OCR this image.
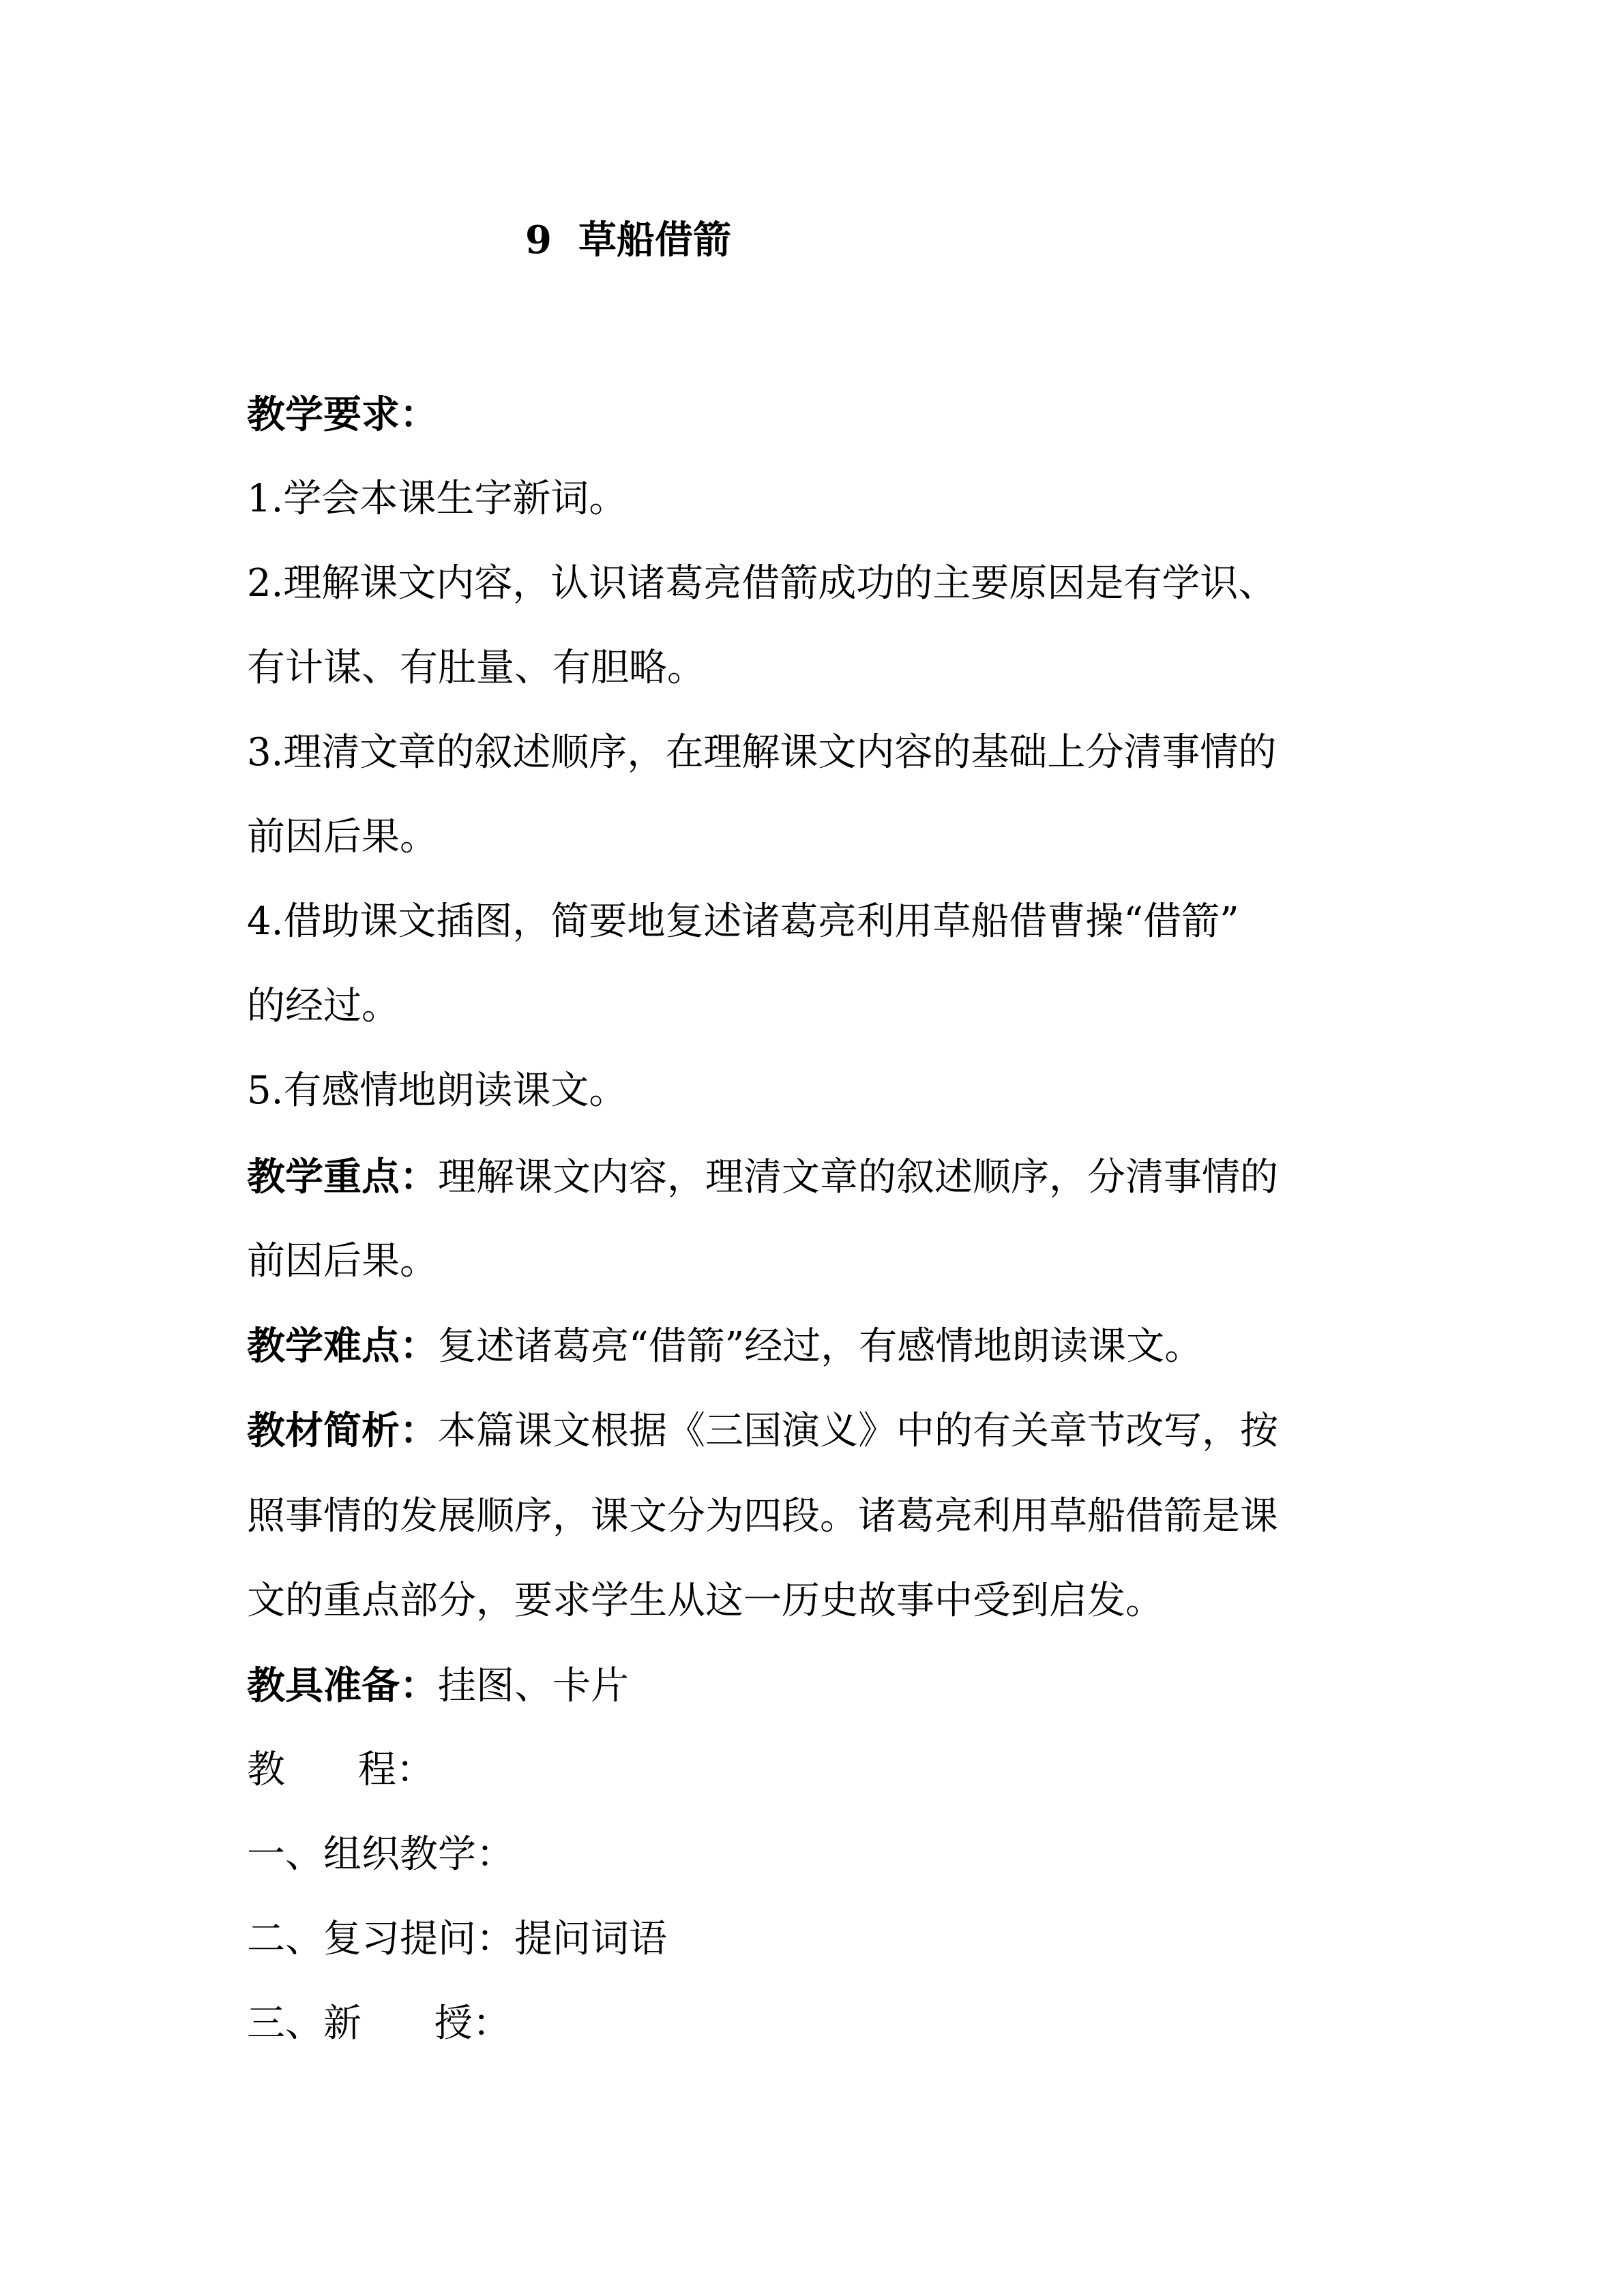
9  草船借箭
教学要求：
1.学会本课生字新词。
2.理解课文内容，认识诸葛亮借箭成功的主要原因是有学识、
有计谋、有肚量、有胆略。
3.理清文章的叙述顺序，在理解课文内容的基础上分清事情的
前因后果。
4.借助课文插图，简要地复述诸葛亮利用草船借曹操“借箭”
的经过。
5.有感情地朗读课文。
教学重点：理解课文内容，理清文章的叙述顺序，分清事情的
前因后果。
教学难点：复述诸葛亮“借箭”经过，有感情地朗读课文。
教材简析：本篇课文根据《三国演义》中的有关章节改写，按
照事情的发展顺序，课文分为四段。诸葛亮利用草船借箭是课
文的重点部分，要求学生从这一历史故事中受到启发。
教具准备：挂图、卡片
教      程：
一、组织教学：
二、复习提问：提问词语
三、新      授：
